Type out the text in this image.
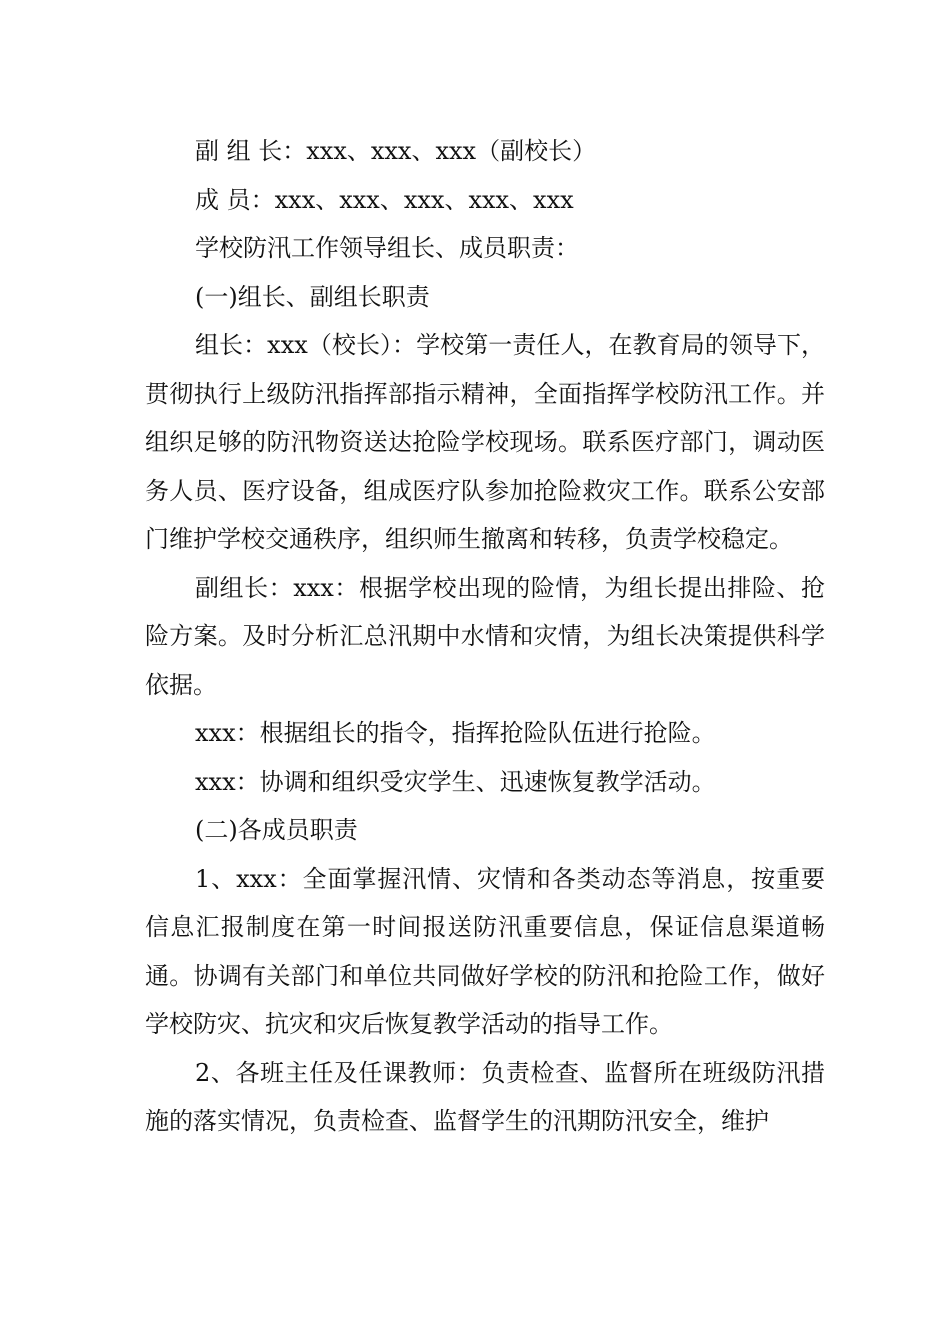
副 组 长：xxx、xxx、xxx（副校长）

成 员：xxx、xxx、xxx、xxx、xxx

学校防汛工作领导组长、成员职责：

(一)组长、副组长职责

组长：xxx（校长）：学校第一责任人，在教育局的领导下，贯彻执行上级防汛指挥部指示精神，全面指挥学校防汛工作。并组织足够的防汛物资送达抢险学校现场。联系医疗部门，调动医务人员、医疗设备，组成医疗队参加抢险救灾工作。联系公安部门维护学校交通秩序，组织师生撤离和转移，负责学校稳定。

副组长：xxx：根据学校出现的险情，为组长提出排险、抢险方案。及时分析汇总汛期中水情和灾情，为组长决策提供科学依据。

xxx：根据组长的指令，指挥抢险队伍进行抢险。

xxx：协调和组织受灾学生、迅速恢复教学活动。

(二)各成员职责

1、xxx：全面掌握汛情、灾情和各类动态等消息，按重要信息汇报制度在第一时间报送防汛重要信息，保证信息渠道畅通。协调有关部门和单位共同做好学校的防汛和抢险工作，做好学校防灾、抗灾和灾后恢复教学活动的指导工作。

2、各班主任及任课教师：负责检查、监督所在班级防汛措施的落实情况，负责检查、监督学生的汛期防汛安全，维护
